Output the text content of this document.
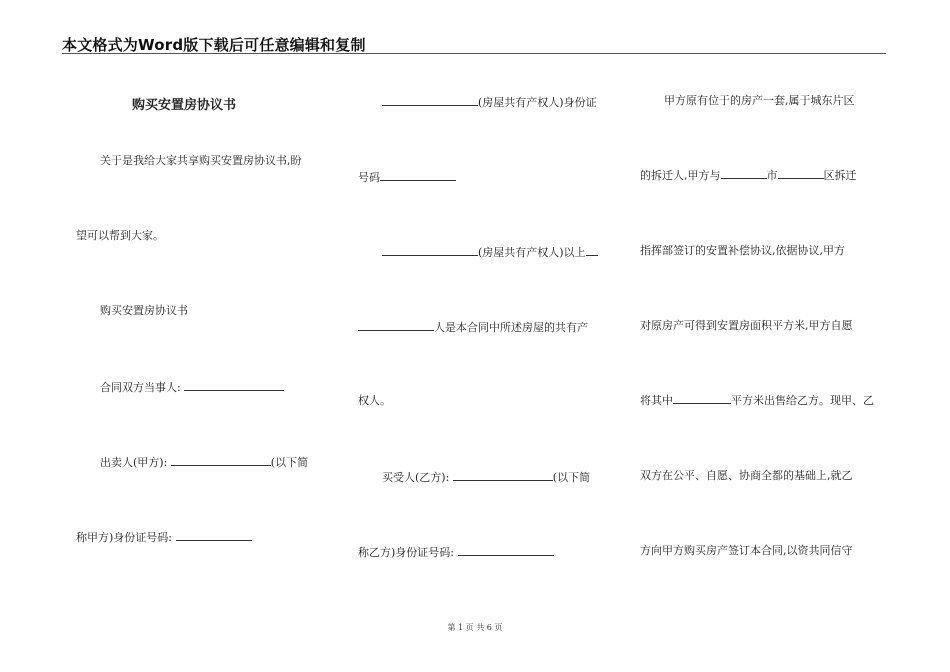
本文格式为Word版下载后可任意编辑和复制
购买安置房协议书
关于是我给大家共享购买安置房协议书,盼
望可以帮到大家。
购买安置房协议书
合同双方当事人:
出卖人(甲方):	(以下简
称甲方)身份证号码:
(房屋共有产权人)身份证
号码
(房屋共有产权人)以上
人是本合同中所述房屋的共有产
权人。
买受人(乙方):	(以下简
称乙方)身份证号码:
甲方原有位于的房产一套,属于城东片区
的拆迁人,甲方与	市	区拆迁
指挥部签订的安置补偿协议,依据协议,甲方
对原房产可得到安置房面积平方米,甲方自愿
将其中	平方米出售给乙方。现甲、乙
双方在公平、自愿、协商全都的基础上,就乙
方向甲方购买房产签订本合同,以资共同信守
第 1 页 共 6 页
